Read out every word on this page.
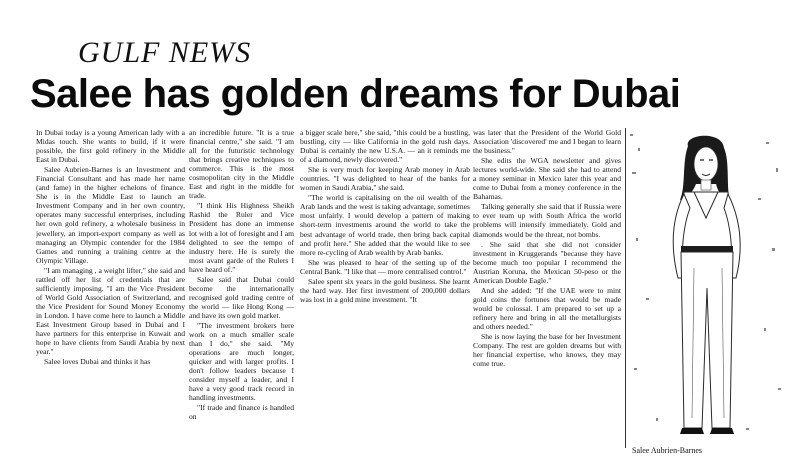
GULF NEWS
Salee has golden dreams for Dubai

In Dubai today is a young American lady with a Midas touch. She wants to build, if it were possible, the first gold refinery in the Middle East in Dubai.

Salee Aubrien-Barnes is an Investment and Financial Consultant and has made her name (and fame) in the higher echelons of finance. She is in the Middle East to launch an Investment Company and in her own country, operates many successful enterprises, including her own gold refinery, a wholesale business in jewellery, an import-export company as well as managing an Olympic contender for the 1984 Games and running a training centre at the Olympic Village.

"I am managing , a weight lifter," she said and rattled off her list of credentials that are sufficiently imposing. "I am the Vice President of World Gold Association of Switzerland, and the Vice President for Sound Money Economy in London. I have come here to launch a Middle East Investment Group based in Dubai and I have partners for this enterprise in Kuwait and hope to have clients from Saudi Arabia by next year."

Salee loves Dubai and thinks it has

an incredible future. "It is a true financial centre," she said. "I am all for the futuristic technology that brings creative techniques to commerce. This is the most cosmopolitan city in the Middle East and right in the middle for trade.

"I think His Highness Sheikh Rashid the Ruler and Vice President has done an immense lot with a lot of foresight and I am delighted to see the tempo of industry here. He is surely the most avant garde of the Rulers I have heard of."

Salee said that Dubai could become the internationally recognised gold trading centre of the world — like Hong Kong — and have its own gold market.

"The investment brokers here work on a much smaller scale than I do," she said. "My operations are much longer, quicker and with larger profits. I don't follow leaders because I consider myself a leader, and I have a very good track record in handling investments.

"If trade and finance is handled on

a bigger scale here," she said, "this could be a hustling, bustling, city — like California in the gold rush days. Dubai is certainly the new U.S.A. — an it reminds me of a diamond, newly discovered."

She is very much for keeping Arab money in Arab countries. "I was delighted to hear of the banks for women in Saudi Arabia," she said.

"The world is capitalising on the oil wealth of the Arab lands and the west is taking advantage, sometimes most unfairly. I would develop a pattern of making short-term investments around the world to take the best advantage of world trade, then bring back capital and profit here." She added that the would like to see more re-cycling of Arab wealth by Arab banks.

She was pleased to hear of the setting up of the Central Bank. "I like that — more centralised control."

Salee spent six years in the gold business. She learnt the hard way. Her first investment of 200,000 dollars was lost in a gold mine investment. "It

was later that the President of the World Gold Association 'discovered' me and I began to learn the business."

She edits the WGA newsletter and gives lectures world-wide. She said she had to attend a money seminar in Mexico later this year and come to Dubai from a money conference in the Bahamas.

Talking generally she said that if Russia were to ever team up with South Africa the world problems will intensify immediately. Gold and diamonds would be the threat, not bombs.

. She said that she did not consider investment in Kruggerands "because they have become much too popular I recommend the Austrian Koruna, the Mexican 50-peso or the American Double Eagle."

And she added: "If the UAE were to mint gold coins the fortunes that would be made would be colossal. I am prepared to set up a refinery here and bring in all the metallurgists and others needed."

She is now laying the base for her Investment Company. The rest are golden dreams but with her financial expertise, who knows, they may come true.

Salee Aubrien-Barnes
